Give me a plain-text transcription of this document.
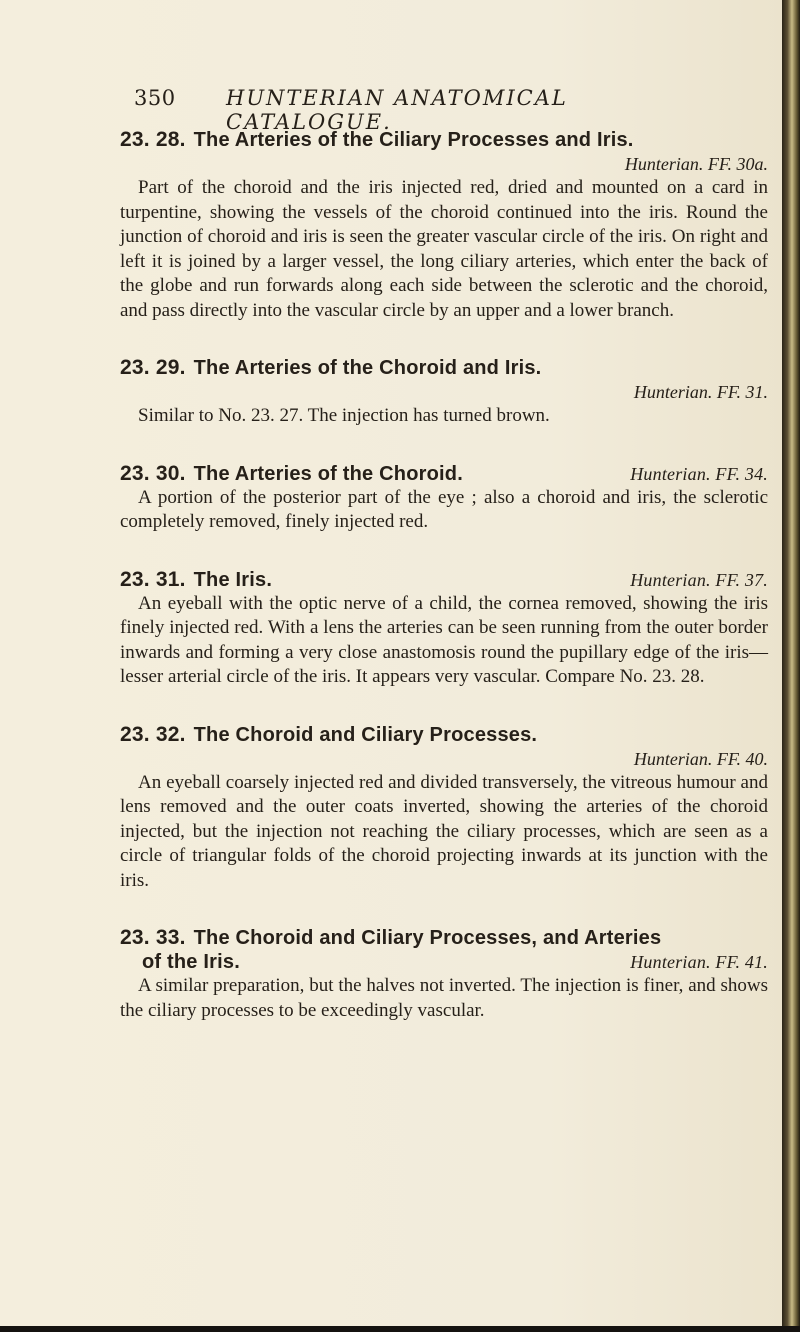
350 HUNTERIAN ANATOMICAL CATALOGUE.
23. 28. The Arteries of the Ciliary Processes and Iris.
Hunterian. FF. 30a.
Part of the choroid and the iris injected red, dried and mounted on a card in turpentine, showing the vessels of the choroid continued into the iris. Round the junction of choroid and iris is seen the greater vascular circle of the iris. On right and left it is joined by a larger vessel, the long ciliary arteries, which enter the back of the globe and run forwards along each side between the sclerotic and the choroid, and pass directly into the vascular circle by an upper and a lower branch.
23. 29. The Arteries of the Choroid and Iris.
Hunterian. FF. 31.
Similar to No. 23. 27. The injection has turned brown.
Hunterian. FF. 34.
23. 30. The Arteries of the Choroid.
A portion of the posterior part of the eye ; also a choroid and iris, the sclerotic completely removed, finely injected red.
Hunterian. FF. 37.
23. 31. The Iris.
An eyeball with the optic nerve of a child, the cornea removed, showing the iris finely injected red. With a lens the arteries can be seen running from the outer border inwards and forming a very close anastomosis round the pupillary edge of the iris—lesser arterial circle of the iris. It appears very vascular. Compare No. 23. 28.
23. 32. The Choroid and Ciliary Processes.
Hunterian. FF. 40.
An eyeball coarsely injected red and divided transversely, the vitreous humour and lens removed and the outer coats inverted, showing the arteries of the choroid injected, but the injection not reaching the ciliary processes, which are seen as a circle of triangular folds of the choroid projecting inwards at its junction with the iris.
23. 33. The Choroid and Ciliary Processes, and Arteries
Hunterian. FF. 41.
of the Iris.
A similar preparation, but the halves not inverted. The injection is finer, and shows the ciliary processes to be exceedingly vascular.
